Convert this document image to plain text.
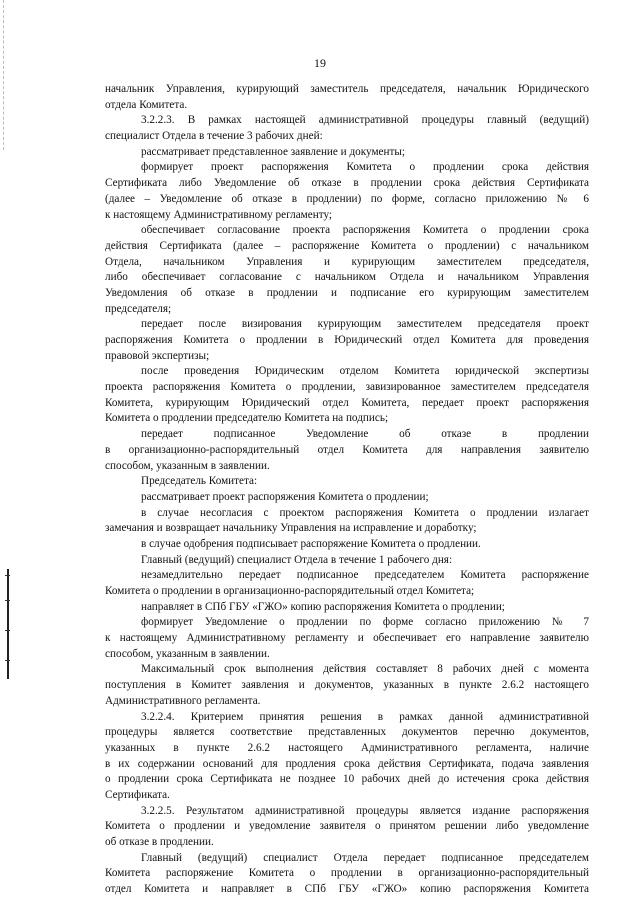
19
начальник Управления, курирующий заместитель председателя, начальник Юридического
отдела Комитета.
3.2.2.3. В рамках настоящей административной процедуры главный (ведущий)
специалист Отдела в течение 3 рабочих дней:
рассматривает представленное заявление и документы;
формирует проект распоряжения Комитета о продлении срока действия
Сертификата либо Уведомление об отказе в продлении срока действия Сертификата
(далее – Уведомление об отказе в продлении) по форме, согласно приложению № 6
к настоящему Административному регламенту;
обеспечивает согласование проекта распоряжения Комитета о продлении срока
действия Сертификата (далее – распоряжение Комитета о продлении) с начальником
Отдела, начальником Управления и курирующим заместителем председателя,
либо обеспечивает согласование с начальником Отдела и начальником Управления
Уведомления об отказе в продлении и подписание его курирующим заместителем
председателя;
передает после визирования курирующим заместителем председателя проект
распоряжения Комитета о продлении в Юридический отдел Комитета для проведения
правовой экспертизы;
после проведения Юридическим отделом Комитета юридической экспертизы
проекта распоряжения Комитета о продлении, завизированное заместителем председателя
Комитета, курирующим Юридический отдел Комитета, передает проект распоряжения
Комитета о продлении председателю Комитета на подпись;
передает подписанное Уведомление об отказе в продлении
в организационно-распорядительный отдел Комитета для направления заявителю
способом, указанным в заявлении.
Председатель Комитета:
рассматривает проект распоряжения Комитета о продлении;
в случае несогласия с проектом распоряжения Комитета о продлении излагает
замечания и возвращает начальнику Управления на исправление и доработку;
в случае одобрения подписывает распоряжение Комитета о продлении.
Главный (ведущий) специалист Отдела в течение 1 рабочего дня:
незамедлительно передает подписанное председателем Комитета распоряжение
Комитета о продлении в организационно-распорядительный отдел Комитета;
направляет в СПб ГБУ «ГЖО» копию распоряжения Комитета о продлении;
формирует Уведомление о продлении по форме согласно приложению № 7
к настоящему Административному регламенту и обеспечивает его направление заявителю
способом, указанным в заявлении.
Максимальный срок выполнения действия составляет 8 рабочих дней с момента
поступления в Комитет заявления и документов, указанных в пункте 2.6.2 настоящего
Административного регламента.
3.2.2.4. Критерием принятия решения в рамках данной административной
процедуры является соответствие представленных документов перечню документов,
указанных в пункте 2.6.2 настоящего Административного регламента, наличие
в их содержании оснований для продления срока действия Сертификата, подача заявления
о продлении срока Сертификата не позднее 10 рабочих дней до истечения срока действия
Сертификата.
3.2.2.5. Результатом административной процедуры является издание распоряжения
Комитета о продлении и уведомление заявителя о принятом решении либо уведомление
об отказе в продлении.
Главный (ведущий) специалист Отдела передает подписанное председателем
Комитета распоряжение Комитета о продлении в организационно-распорядительный
отдел Комитета и направляет в СПб ГБУ «ГЖО» копию распоряжения Комитета
